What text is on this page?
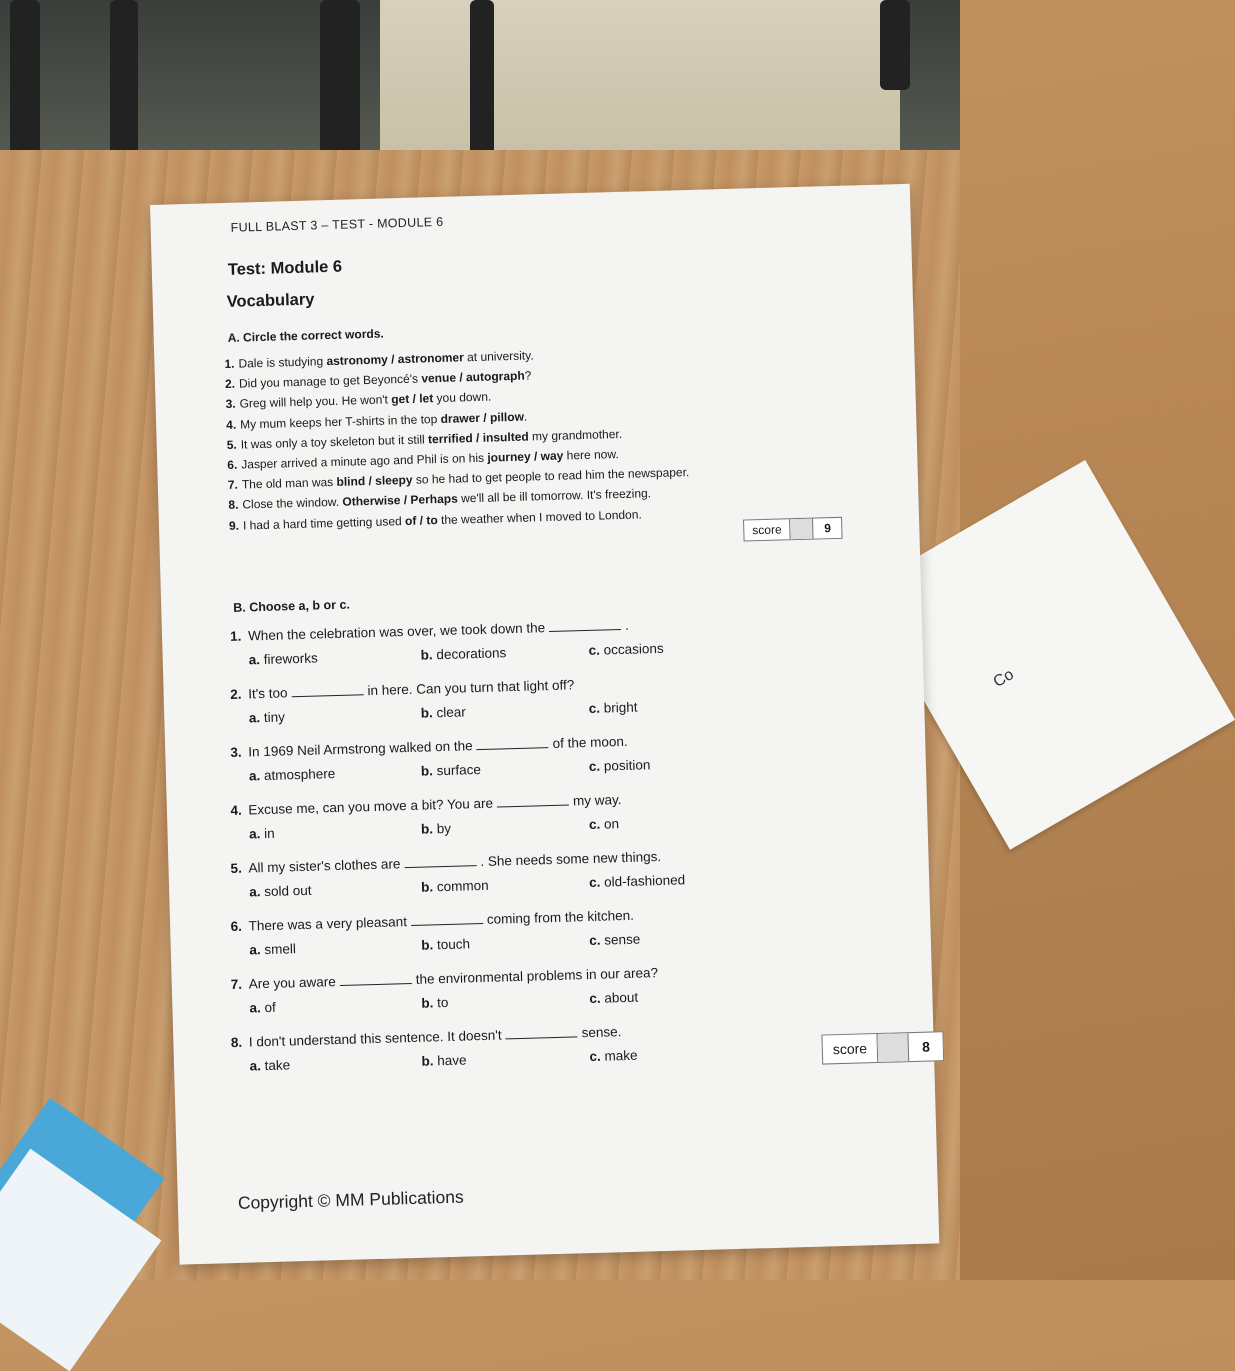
Co
FULL BLAST 3 – TEST - MODULE 6
Test: Module 6
Vocabulary
A. Circle the correct words.
1. Dale is studying astronomy / astronomer at university.
2. Did you manage to get Beyoncé's venue / autograph?
3. Greg will help you. He won't get / let you down.
4. My mum keeps her T-shirts in the top drawer / pillow.
5. It was only a toy skeleton but it still terrified / insulted my grandmother.
6. Jasper arrived a minute ago and Phil is on his journey / way here now.
7. The old man was blind / sleepy so he had to get people to read him the newspaper.
8. Close the window. Otherwise / Perhaps we'll all be ill tomorrow. It's freezing.
9. I had a hard time getting used of / to the weather when I moved to London.
score	9
B. Choose a, b or c.
1. When the celebration was over, we took down the	.
a. fireworks	b. decorations	c. occasions
2. It's too	in here. Can you turn that light off?
a. tiny	b. clear	c. bright
3. In 1969 Neil Armstrong walked on the	of the moon.
a. atmosphere	b. surface	c. position
4. Excuse me, can you move a bit? You are	my way.
a. in	b. by	c. on
5. All my sister's clothes are	. She needs some new things.
a. sold out	b. common	c. old-fashioned
6. There was a very pleasant	coming from the kitchen.
a. smell	b. touch	c. sense
7. Are you aware	the environmental problems in our area?
a. of	b. to	c. about
8. I don't understand this sentence. It doesn't	sense.
a. take	b. have	c. make	score	8
Copyright © MM Publications
